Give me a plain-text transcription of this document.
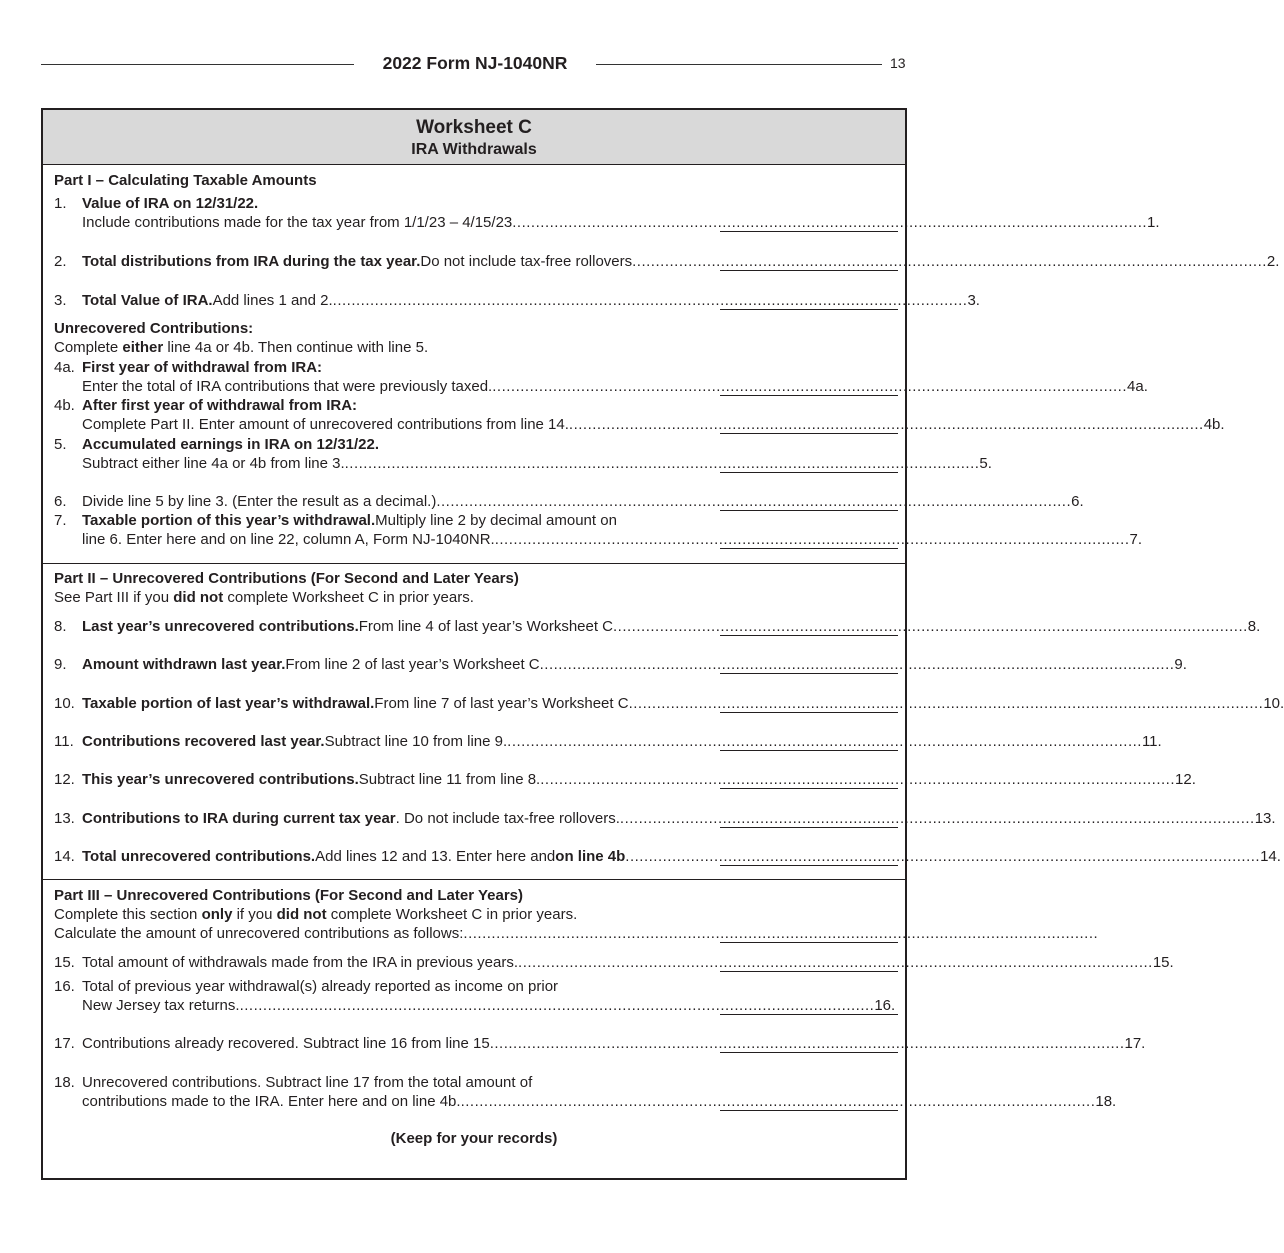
2022 Form NJ-1040NR	13
Worksheet C
IRA Withdrawals
Part I – Calculating Taxable Amounts
1. Value of IRA on 12/31/22.
Include contributions made for the tax year from 1/1/23 – 4/15/23 ........................................................................................................................................ 1.
2. Total distributions from IRA during the tax year. Do not include tax-free rollovers ........................................................................................................................................ 2.
3. Total Value of IRA. Add lines 1 and 2. ........................................................................................................................................ 3.
Unrecovered Contributions:
Complete either line 4a or 4b. Then continue with line 5.
4a. First year of withdrawal from IRA:
Enter the total of IRA contributions that were previously taxed. ........................................................................................................................................ 4a.
4b. After first year of withdrawal from IRA:
Complete Part II. Enter amount of unrecovered contributions from line 14. ........................................................................................................................................ 4b.
5. Accumulated earnings in IRA on 12/31/22.
Subtract either line 4a or 4b from line 3. ........................................................................................................................................ 5.
6. Divide line 5 by line 3. (Enter the result as a decimal.) ........................................................................................................................................ 6.
7. Taxable portion of this year’s withdrawal. Multiply line 2 by decimal amount on
line 6. Enter here and on line 22, column A, Form NJ-1040NR. ........................................................................................................................................ 7.
Part II – Unrecovered Contributions (For Second and Later Years)
See Part III if you did not complete Worksheet C in prior years.
8. Last year’s unrecovered contributions. From line 4 of last year’s Worksheet C ........................................................................................................................................ 8.
9. Amount withdrawn last year. From line 2 of last year’s Worksheet C ........................................................................................................................................ 9.
10. Taxable portion of last year’s withdrawal. From line 7 of last year’s Worksheet C ........................................................................................................................................ 10.
11. Contributions recovered last year. Subtract line 10 from line 9. ........................................................................................................................................ 11.
12. This year’s unrecovered contributions. Subtract line 11 from line 8. ........................................................................................................................................ 12.
13. Contributions to IRA during current tax year . Do not include tax-free rollovers. ........................................................................................................................................ 13.
14. Total unrecovered contributions. Add lines 12 and 13. Enter here and on line 4b ........................................................................................................................................ 14.
Part III – Unrecovered Contributions (For Second and Later Years)
Complete this section only if you did not complete Worksheet C in prior years.
Calculate the amount of unrecovered contributions as follows: ........................................................................................................................................
15. Total amount of withdrawals made from the IRA in previous years. ........................................................................................................................................ 15.
16. Total of previous year withdrawal(s) already reported as income on prior
New Jersey tax returns. ........................................................................................................................................ 16.
17. Contributions already recovered. Subtract line 16 from line 15 ........................................................................................................................................ 17.
18. Unrecovered contributions. Subtract line 17 from the total amount of
contributions made to the IRA. Enter here and on line 4b. ........................................................................................................................................ 18.
(Keep for your records)
